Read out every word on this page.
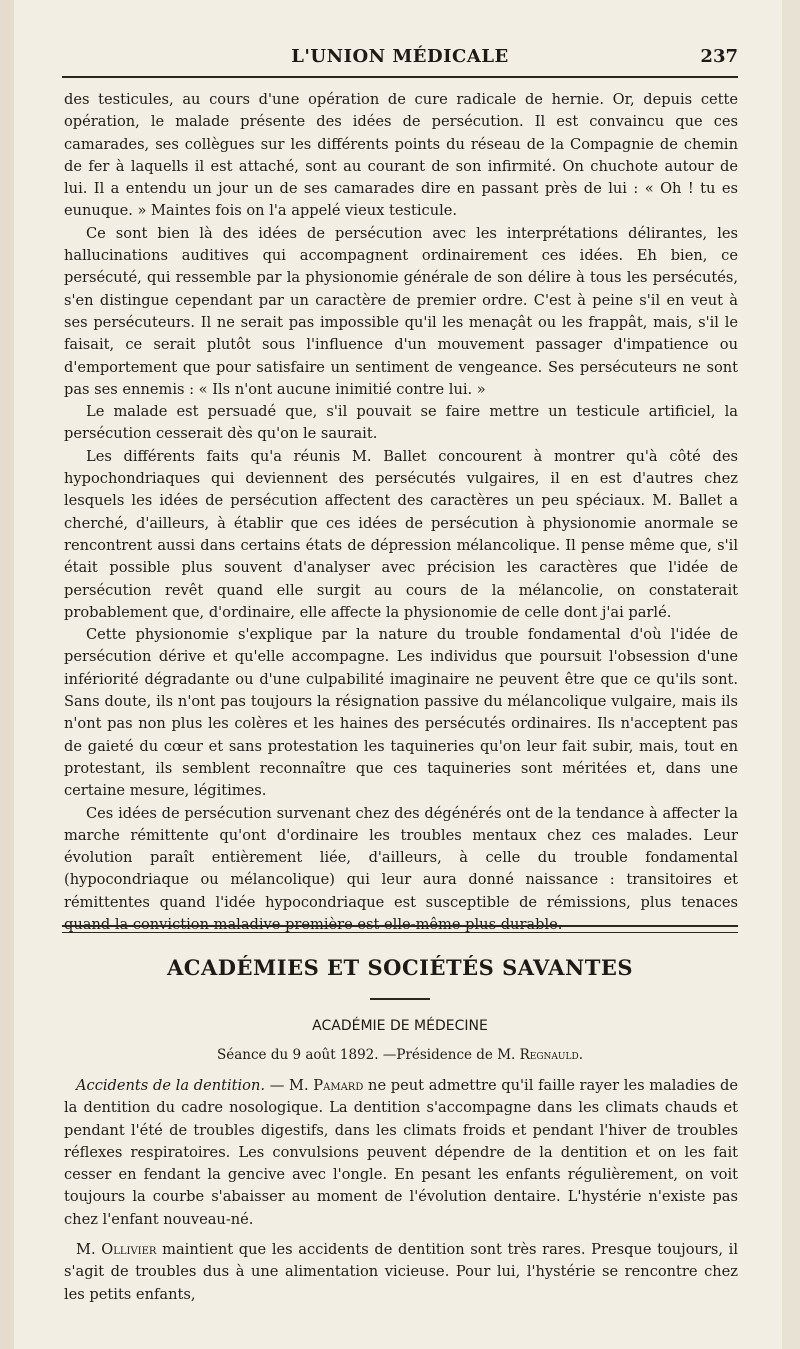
L'UNION MÉDICALE	237

des testicules, au cours d'une opération de cure radicale de hernie. Or, depuis cette opération, le malade présente des idées de persécution. Il est convaincu que ces camarades, ses collègues sur les différents points du réseau de la Compagnie de chemin de fer à laquells il est attaché, sont au courant de son infirmité. On chuchote autour de lui. Il a entendu un jour un de ses camarades dire en passant près de lui : « Oh ! tu es eunuque. » Maintes fois on l'a appelé vieux testicule.

Ce sont bien là des idées de persécution avec les interprétations délirantes, les hallucinations auditives qui accompagnent ordinairement ces idées. Eh bien, ce persécuté, qui ressemble par la physionomie générale de son délire à tous les persécutés, s'en distingue cependant par un caractère de premier ordre. C'est à peine s'il en veut à ses persécuteurs. Il ne serait pas impossible qu'il les menaçât ou les frappât, mais, s'il le faisait, ce serait plutôt sous l'influence d'un mouvement passager d'impatience ou d'emportement que pour satisfaire un sentiment de vengeance. Ses persécuteurs ne sont pas ses ennemis : « Ils n'ont aucune inimitié contre lui. »

Le malade est persuadé que, s'il pouvait se faire mettre un testicule artificiel, la persécution cesserait dès qu'on le saurait.

Les différents faits qu'a réunis M. Ballet concourent à montrer qu'à côté des hypochondriaques qui deviennent des persécutés vulgaires, il en est d'autres chez lesquels les idées de persécution affectent des caractères un peu spéciaux. M. Ballet a cherché, d'ailleurs, à établir que ces idées de persécution à physionomie anormale se rencontrent aussi dans certains états de dépression mélancolique. Il pense même que, s'il était possible plus souvent d'analyser avec précision les caractères que l'idée de persécution revêt quand elle surgit au cours de la mélancolie, on constaterait probablement que, d'ordinaire, elle affecte la physionomie de celle dont j'ai parlé.

Cette physionomie s'explique par la nature du trouble fondamental d'où l'idée de persécution dérive et qu'elle accompagne. Les individus que poursuit l'obsession d'une infériorité dégradante ou d'une culpabilité imaginaire ne peuvent être que ce qu'ils sont. Sans doute, ils n'ont pas toujours la résignation passive du mélancolique vulgaire, mais ils n'ont pas non plus les colères et les haines des persécutés ordinaires. Ils n'acceptent pas de gaieté du cœur et sans protestation les taquineries qu'on leur fait subir, mais, tout en protestant, ils semblent reconnaître que ces taquineries sont méritées et, dans une certaine mesure, légitimes.

Ces idées de persécution survenant chez des dégénérés ont de la tendance à affecter la marche rémittente qu'ont d'ordinaire les troubles mentaux chez ces malades. Leur évolution paraît entièrement liée, d'ailleurs, à celle du trouble fondamental (hypocondriaque ou mélancolique) qui leur aura donné naissance : transitoires et rémittentes quand l'idée hypocondriaque est susceptible de rémissions, plus tenaces quand la conviction maladive première est elle-même plus durable.

ACADÉMIES ET SOCIÉTÉS SAVANTES
ACADÉMIE DE MÉDECINE
Séance du 9 août 1892. —Présidence de M. Regnauld.

Accidents de la dentition. — M. Pamard ne peut admettre qu'il faille rayer les maladies de la dentition du cadre nosologique. La dentition s'accompagne dans les climats chauds et pendant l'été de troubles digestifs, dans les climats froids et pendant l'hiver de troubles réflexes respiratoires. Les convulsions peuvent dépendre de la dentition et on les fait cesser en fendant la gencive avec l'ongle. En pesant les enfants régulièrement, on voit toujours la courbe s'abaisser au moment de l'évolution dentaire. L'hystérie n'existe pas chez l'enfant nouveau-né.

M. Ollivier maintient que les accidents de dentition sont très rares. Presque toujours, il s'agit de troubles dus à une alimentation vicieuse. Pour lui, l'hystérie se rencontre chez les petits enfants,
